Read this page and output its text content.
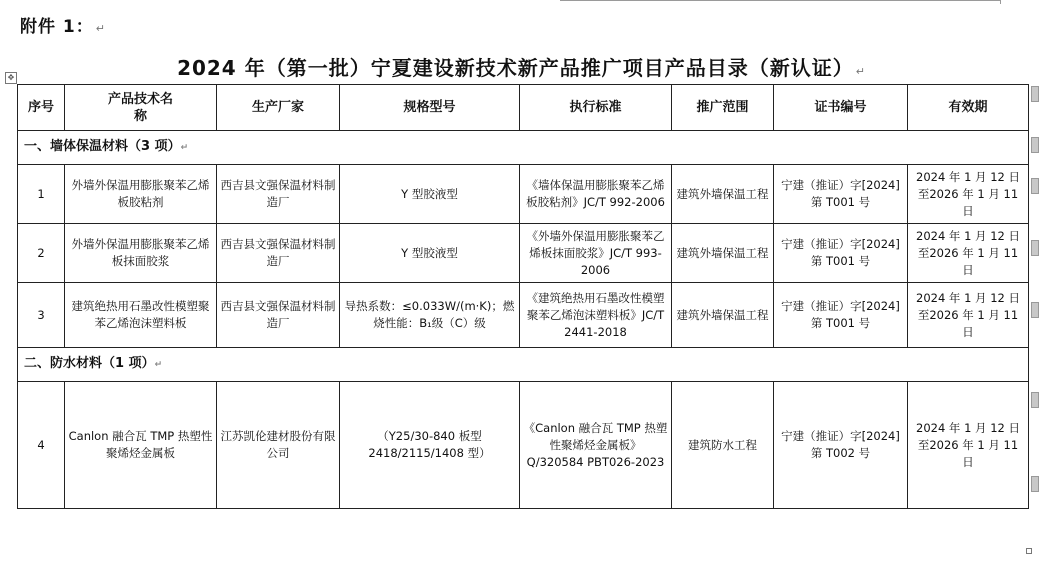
附件 1： ↵
2024 年（第一批）宁夏建设新技术新产品推广项目产品目录（新认证） ↵
✥
序号	产品技术名称	生产厂家	规格型号	执行标准	推广范围	证书编号	有效期
一、墙体保温材料（3 项）↵							
1	外墙外保温用膨胀聚苯乙烯板胶粘剂	西吉县文强保温材料制造厂	Y 型胶液型	《墙体保温用膨胀聚苯乙烯板胶粘剂》JC/T 992-2006	建筑外墙保温工程	宁建（推证）字[2024]第 T001 号	2024 年 1 月 12 日至2026 年 1 月 11 日
2	外墙外保温用膨胀聚苯乙烯板抹面胶浆	西吉县文强保温材料制造厂	Y 型胶液型	《外墙外保温用膨胀聚苯乙烯板抹面胶浆》JC/T 993-2006	建筑外墙保温工程	宁建（推证）字[2024]第 T001 号	2024 年 1 月 12 日至2026 年 1 月 11 日
3	建筑绝热用石墨改性模塑聚苯乙烯泡沫塑料板	西吉县文强保温材料制造厂	导热系数：≤0.033W/(m·K)；燃烧性能：B₁级（C）级	《建筑绝热用石墨改性模塑聚苯乙烯泡沫塑料板》JC/T 2441-2018	建筑外墙保温工程	宁建（推证）字[2024]第 T001 号	2024 年 1 月 12 日至2026 年 1 月 11 日
二、防水材料（1 项）↵							
4	Canlon 融合瓦 TMP 热塑性聚烯烃金属板	江苏凯伦建材股份有限公司	（Y25/30-840 板型2418/2115/1408 型）	《Canlon 融合瓦 TMP 热塑性聚烯烃金属板》Q/320584 PBT026-2023	建筑防水工程	宁建（推证）字[2024]第 T002 号	2024 年 1 月 12 日至2026 年 1 月 11 日
